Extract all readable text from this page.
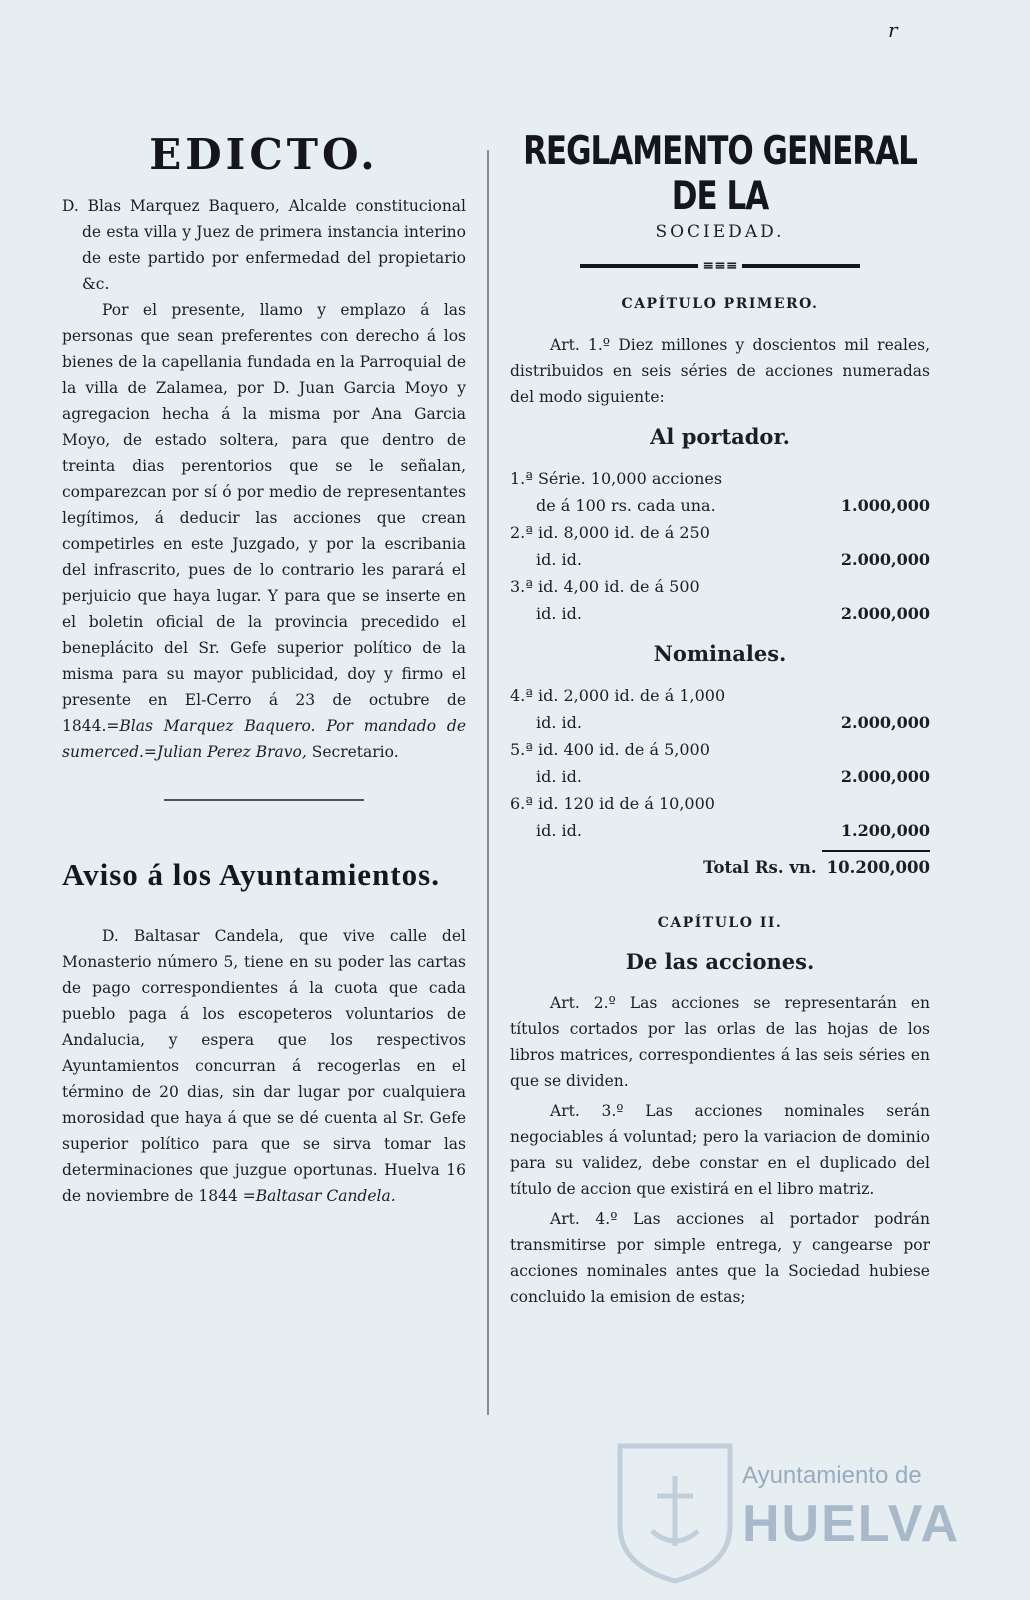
r
EDICTO.

D. Blas Marquez Baquero, Alcalde constitucional de esta villa y Juez de primera instancia interino de este partido por enfermedad del propietario &c.

Por el presente, llamo y emplazo á las personas que sean preferentes con derecho á los bienes de la capellania fundada en la Parroquial de la villa de Zalamea, por D. Juan Garcia Moyo y agregacion hecha á la misma por Ana Garcia Moyo, de estado soltera, para que dentro de treinta dias perentorios que se le señalan, comparezcan por sí ó por medio de representantes legítimos, á deducir las acciones que crean competirles en este Juzgado, y por la escribania del infrascrito, pues de lo contrario les parará el perjuicio que haya lugar. Y para que se inserte en el boletin oficial de la provincia precedido el beneplácito del Sr. Gefe superior político de la misma para su mayor publicidad, doy y firmo el presente en El-Cerro á 23 de octubre de 1844.=Blas Marquez Baquero. Por mandado de sumerced.=Julian Perez Bravo, Secretario.

Aviso á los Ayuntamientos.

D. Baltasar Candela, que vive calle del Monasterio número 5, tiene en su poder las cartas de pago correspondientes á la cuota que cada pueblo paga á los escopeteros voluntarios de Andalucia, y espera que los respectivos Ayuntamientos concurran á recogerlas en el término de 20 dias, sin dar lugar por cualquiera morosidad que haya á que se dé cuenta al Sr. Gefe superior político para que se sirva tomar las determinaciones que juzgue oportunas. Huelva 16 de noviembre de 1844 =Baltasar Candela.

REGLAMENTO GENERAL DE LA
SOCIEDAD.
≡≡≡
CAPÍTULO PRIMERO.

Art. 1.º Diez millones y doscientos mil reales, distribuidos en seis séries de acciones numeradas del modo siguiente:

Al portador.
1.ª Série. 10,000 acciones
de á 100 rs. cada una.	1.000,000
2.ª id. 8,000 id. de á 250
id. id.	2.000,000
3.ª id. 4,00 id. de á 500
id. id.	2.000,000
Nominales.
4.ª id. 2,000 id. de á 1,000
id. id.	2.000,000
5.ª id. 400 id. de á 5,000
id. id.	2.000,000
6.ª id. 120 id de á 10,000
id. id.	1.200,000
Total Rs. vn. 10.200,000
CAPÍTULO II.
De las acciones.

Art. 2.º Las acciones se representarán en títulos cortados por las orlas de las hojas de los libros matrices, correspondientes á las seis séries en que se dividen.

Art. 3.º Las acciones nominales serán negociables á voluntad; pero la variacion de dominio para su validez, debe constar en el duplicado del título de accion que existirá en el libro matriz.

Art. 4.º Las acciones al portador podrán transmitirse por simple entrega, y cangearse por acciones nominales antes que la Sociedad hubiese concluido la emision de estas;

Ayuntamiento de
HUELVA
